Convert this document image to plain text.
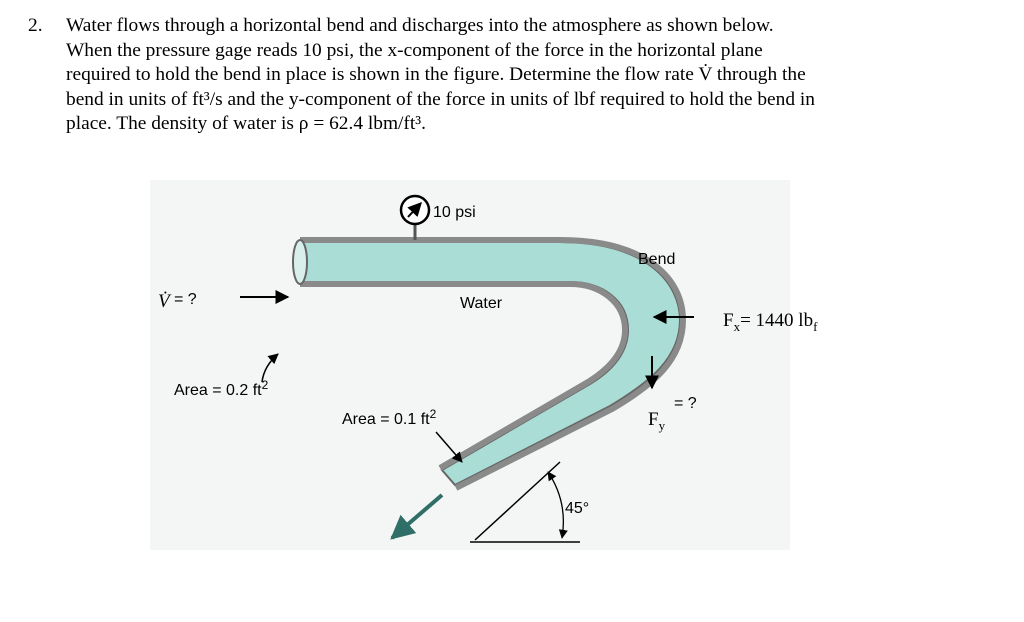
2. Water flows through a horizontal bend and discharges into the atmosphere as shown below.
When the pressure gage reads 10 psi, the x-component of the force in the horizontal plane
required to hold the bend in place is shown in the figure. Determine the flow rate V̇ through the
bend in units of ft³/s and the y-component of the force in units of lbf required to hold the bend in
place. The density of water is ρ = 62.4 lbm/ft³.
10 psi
Bend
Water
V̇ = ?
Area = 0.2 $ft^2$
Area = 0.1 $ft^2$
45°
$F_x= 1440$ $lb_f$
$F_y$
= ?
